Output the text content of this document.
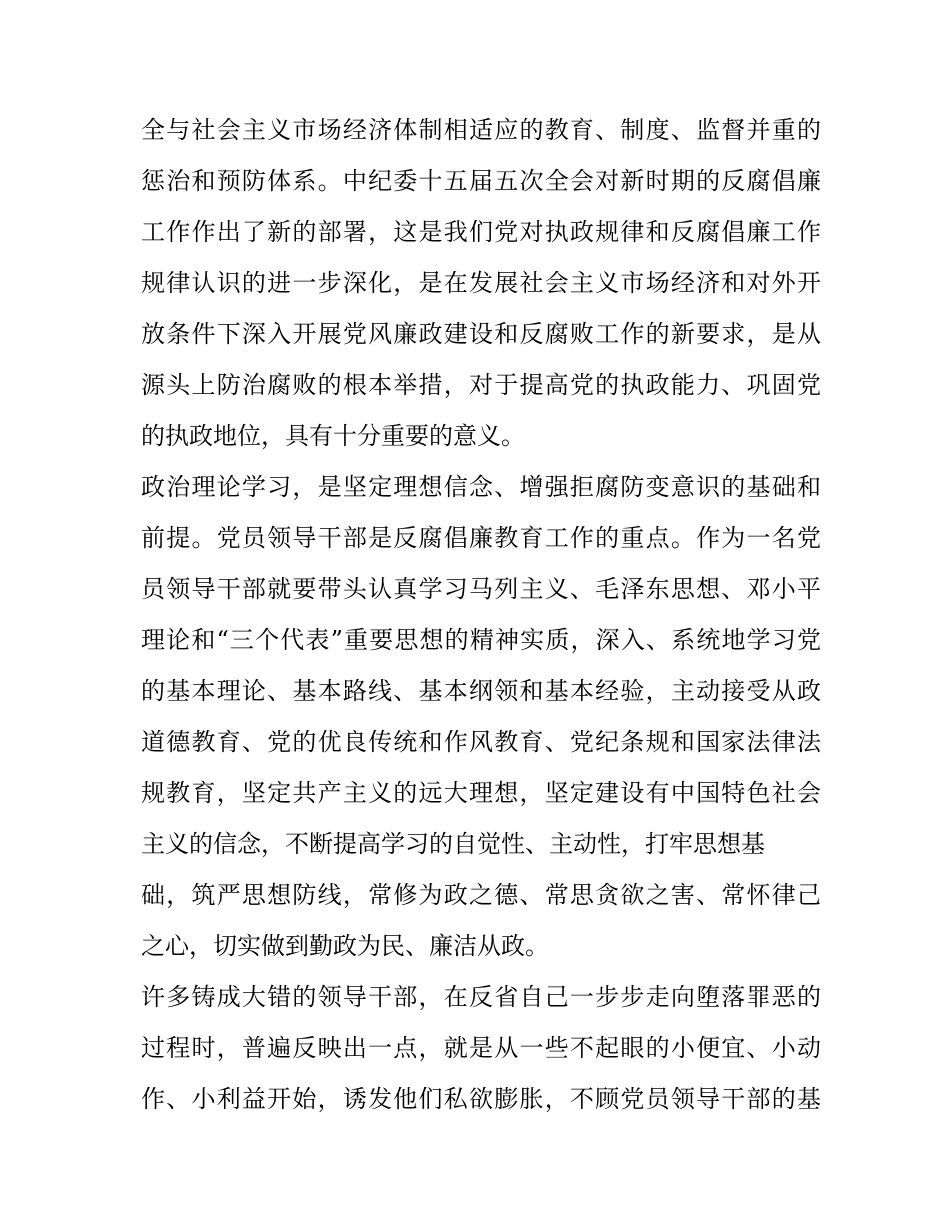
全与社会主义市场经济体制相适应的教育、制度、监督并重的
惩治和预防体系。中纪委十五届五次全会对新时期的反腐倡廉
工作作出了新的部署，这是我们党对执政规律和反腐倡廉工作
规律认识的进一步深化，是在发展社会主义市场经济和对外开
放条件下深入开展党风廉政建设和反腐败工作的新要求，是从
源头上防治腐败的根本举措，对于提高党的执政能力、巩固党
的执政地位，具有十分重要的意义。
政治理论学习，是坚定理想信念、增强拒腐防变意识的基础和
前提。党员领导干部是反腐倡廉教育工作的重点。作为一名党
员领导干部就要带头认真学习马列主义、毛泽东思想、邓小平
理论和“三个代表”重要思想的精神实质，深入、系统地学习党
的基本理论、基本路线、基本纲领和基本经验，主动接受从政
道德教育、党的优良传统和作风教育、党纪条规和国家法律法
规教育，坚定共产主义的远大理想，坚定建设有中国特色社会
主义的信念，不断提高学习的自觉性、主动性，打牢思想基
础，筑严思想防线，常修为政之德、常思贪欲之害、常怀律己
之心，切实做到勤政为民、廉洁从政。
许多铸成大错的领导干部，在反省自己一步步走向堕落罪恶的
过程时，普遍反映出一点，就是从一些不起眼的小便宜、小动
作、小利益开始，诱发他们私欲膨胀，不顾党员领导干部的基
